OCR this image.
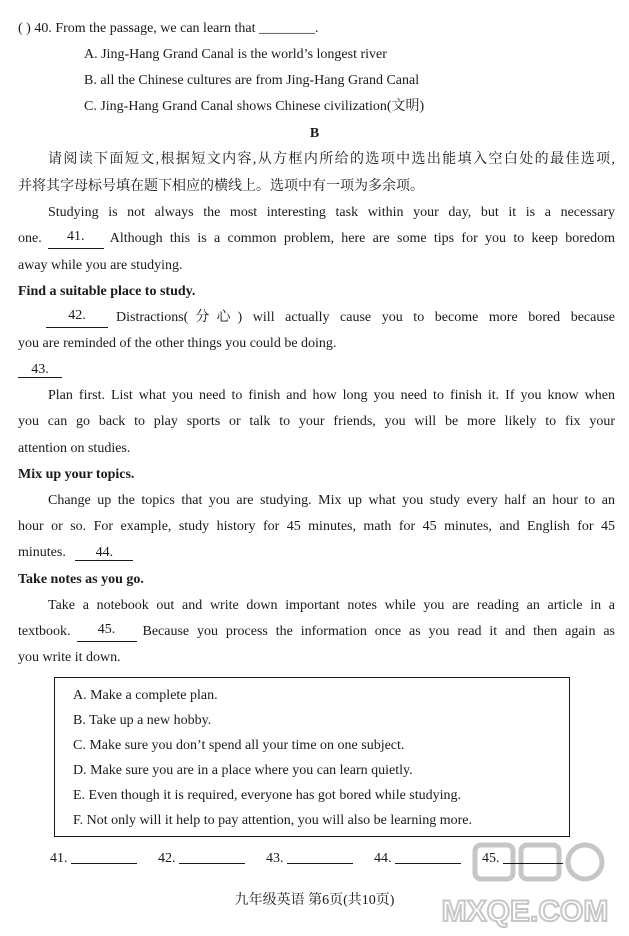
( ) 40. From the passage, we can learn that ________.
A. Jing-Hang Grand Canal is the world’s longest river
B. all the Chinese cultures are from Jing-Hang Grand Canal
C. Jing-Hang Grand Canal shows Chinese civilization(文明)
B
请阅读下面短文,根据短文内容,从方框内所给的选项中选出能填入空白处的最佳选项,
并将其字母标号填在题下相应的横线上。选项中有一项为多余项。
Studying is not always the most interesting task within your day, but it is a necessary
one.	41.	Although this is a common problem, here are some tips for you to keep boredom
away while you are studying.
Find a suitable place to study.
42.	Distractions(分心) will actually cause you to become more bored because
you are reminded of the other things you could be doing.
43.
Plan first. List what you need to finish and how long you need to finish it. If you know when
you can go back to play sports or talk to your friends, you will be more likely to fix your
attention on studies.
Mix up your topics.
Change up the topics that you are studying. Mix up what you study every half an hour to an
hour or so. For example, study history for 45 minutes, math for 45 minutes, and English for 45
minutes. 44.
Take notes as you go.
Take a notebook out and write down important notes while you are reading an article in a
textbook.	45.	Because you process the information once as you read it and then again as
you write it down.
A. Make a complete plan.
B. Take up a new hobby.
C. Make sure you don’t spend all your time on one subject.
D. Make sure you are in a place where you can learn quietly.
E. Even though it is required, everyone has got bored while studying.
F. Not only will it help to pay attention, you will also be learning more.
41.	42.	43.	44.	45.
九年级英语 第6页(共10页)	MXQE.COM
